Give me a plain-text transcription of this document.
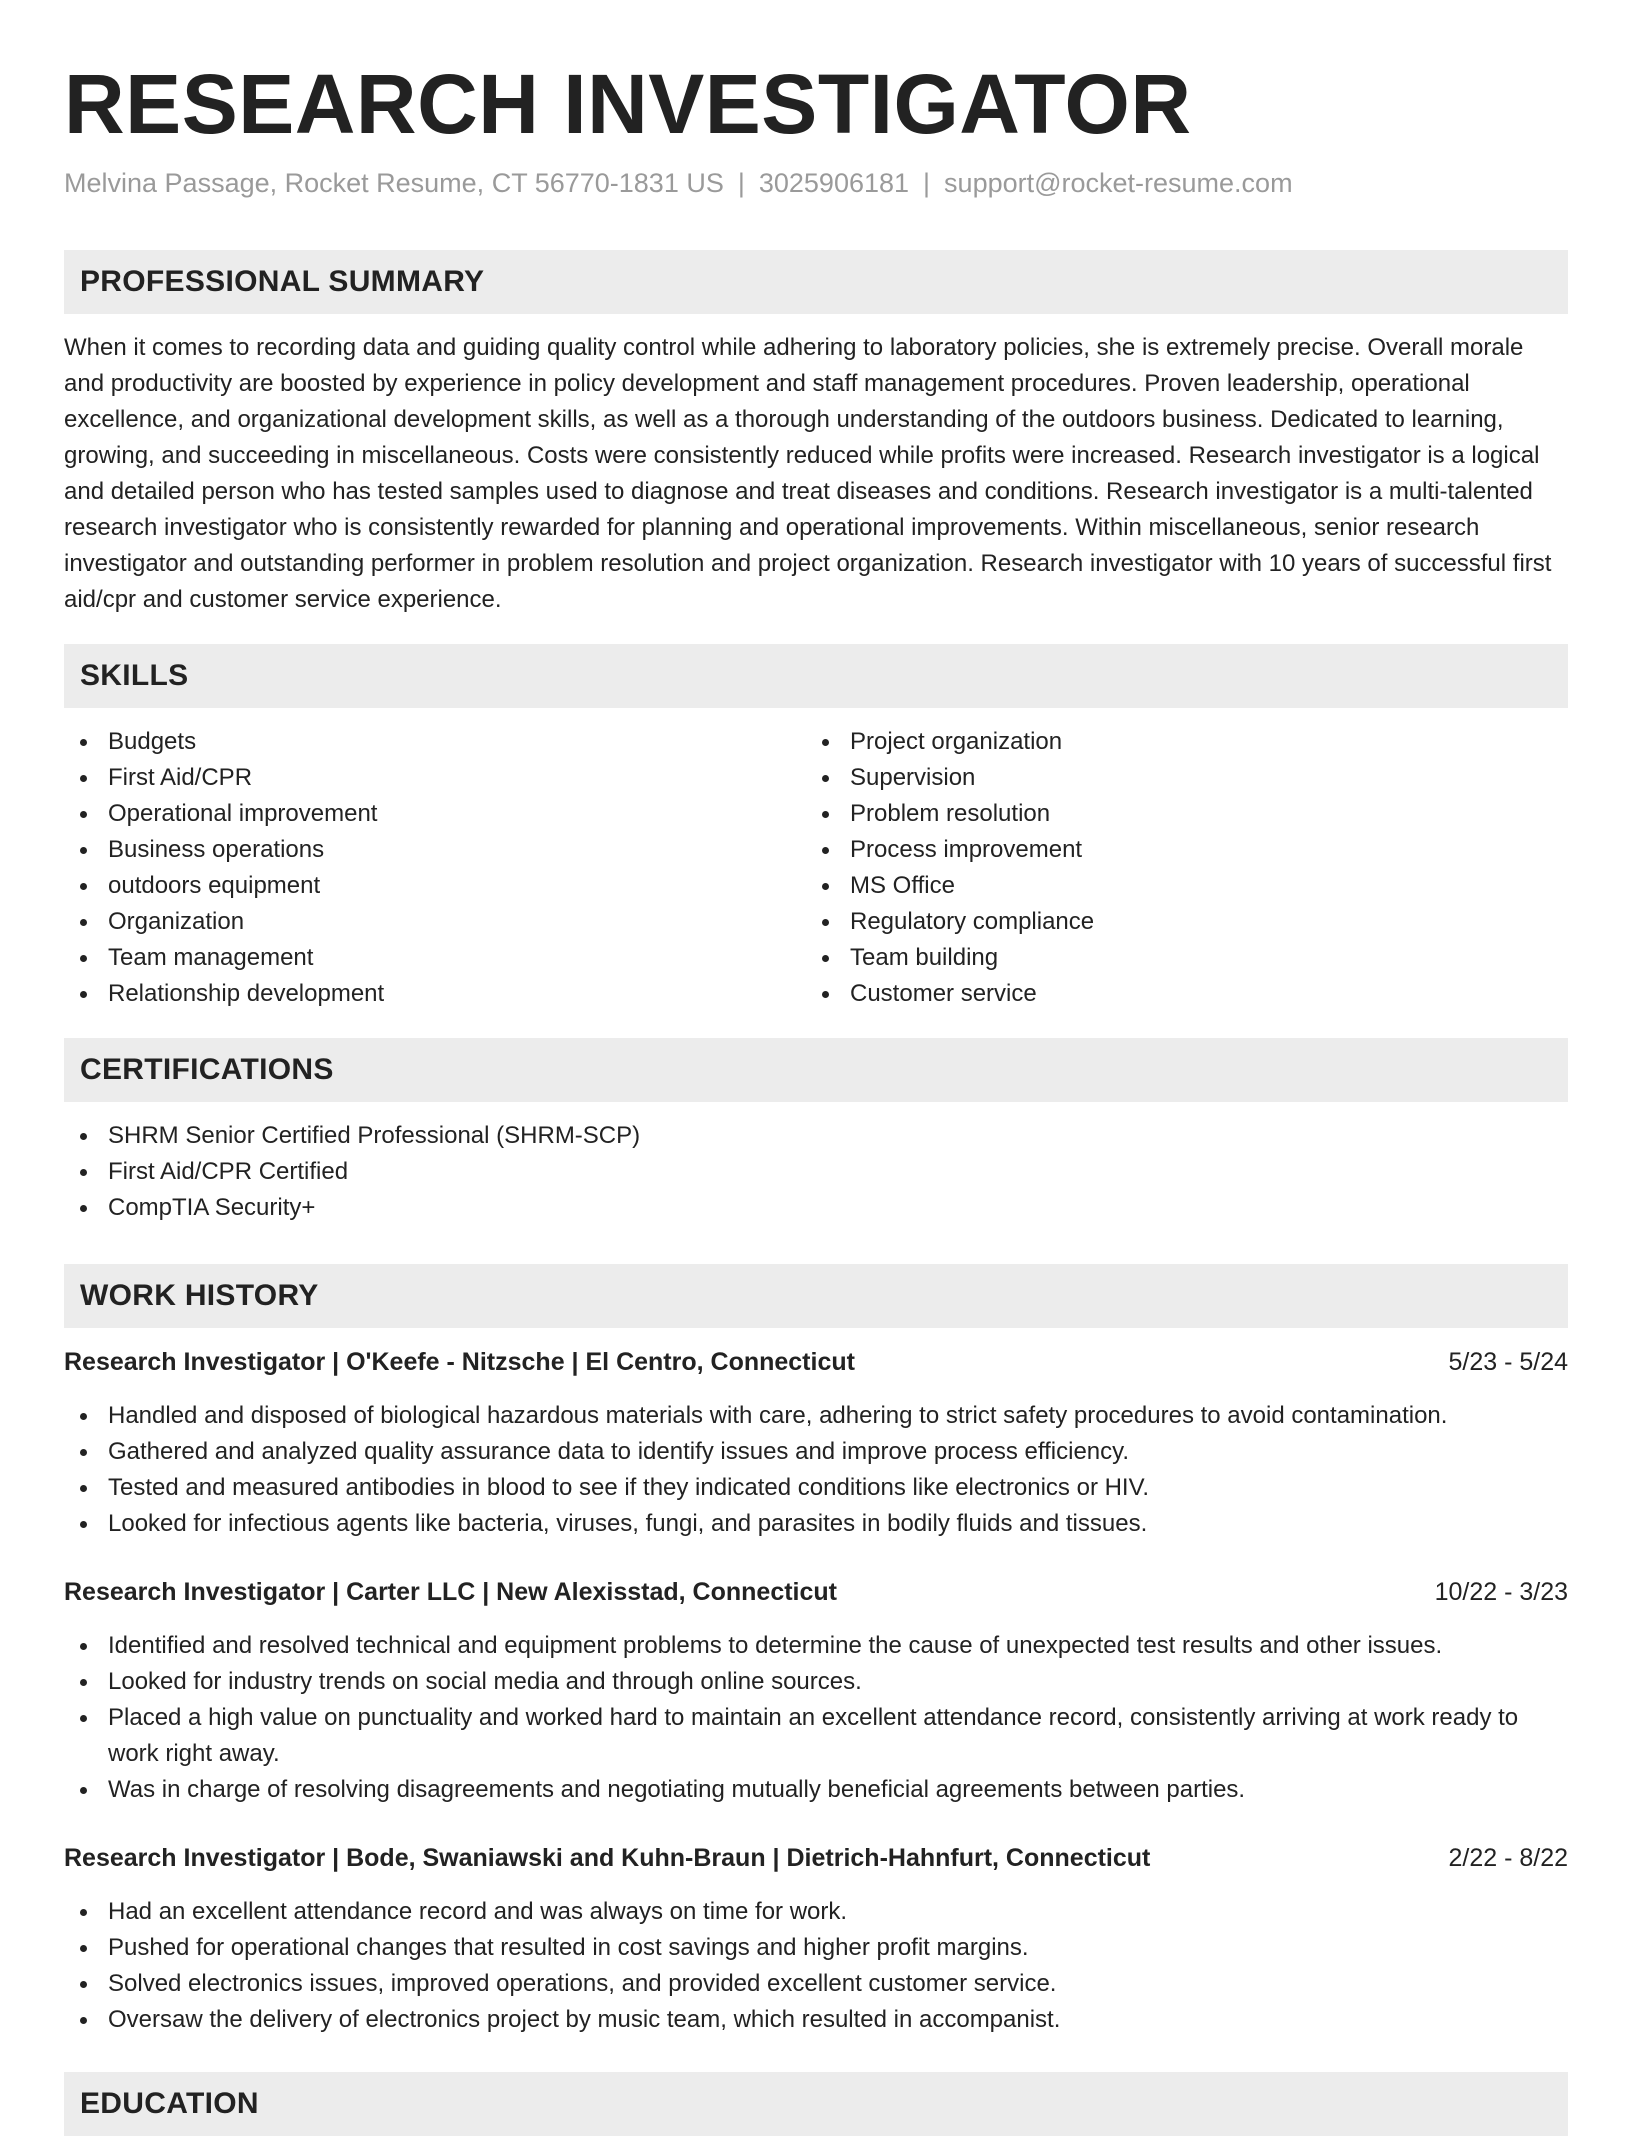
RESEARCH INVESTIGATOR
Melvina Passage, Rocket Resume, CT 56770-1831 US | 3025906181 | support@rocket-resume.com
PROFESSIONAL SUMMARY

When it comes to recording data and guiding quality control while adhering to laboratory policies, she is extremely precise. Overall morale and productivity are boosted by experience in policy development and staff management procedures. Proven leadership, operational excellence, and organizational development skills, as well as a thorough understanding of the outdoors business. Dedicated to learning, growing, and succeeding in miscellaneous. Costs were consistently reduced while profits were increased. Research investigator is a logical and detailed person who has tested samples used to diagnose and treat diseases and conditions. Research investigator is a multi-talented research investigator who is consistently rewarded for planning and operational improvements. Within miscellaneous, senior research investigator and outstanding performer in problem resolution and project organization. Research investigator with 10 years of successful first aid/cpr and customer service experience.

SKILLS
Budgets
First Aid/CPR
Operational improvement
Business operations
outdoors equipment
Organization
Team management
Relationship development
Project organization
Supervision
Problem resolution
Process improvement
MS Office
Regulatory compliance
Team building
Customer service
CERTIFICATIONS
SHRM Senior Certified Professional (SHRM-SCP)
First Aid/CPR Certified
CompTIA Security+
WORK HISTORY
Research Investigator | O'Keefe - Nitzsche | El Centro, Connecticut	5/23 - 5/24
Handled and disposed of biological hazardous materials with care, adhering to strict safety procedures to avoid contamination.
Gathered and analyzed quality assurance data to identify issues and improve process efficiency.
Tested and measured antibodies in blood to see if they indicated conditions like electronics or HIV.
Looked for infectious agents like bacteria, viruses, fungi, and parasites in bodily fluids and tissues.
Research Investigator | Carter LLC | New Alexisstad, Connecticut	10/22 - 3/23
Identified and resolved technical and equipment problems to determine the cause of unexpected test results and other issues.
Looked for industry trends on social media and through online sources.
Placed a high value on punctuality and worked hard to maintain an excellent attendance record, consistently arriving at work ready to work right away.
Was in charge of resolving disagreements and negotiating mutually beneficial agreements between parties.
Research Investigator | Bode, Swaniawski and Kuhn-Braun | Dietrich-Hahnfurt, Connecticut	2/22 - 8/22
Had an excellent attendance record and was always on time for work.
Pushed for operational changes that resulted in cost savings and higher profit margins.
Solved electronics issues, improved operations, and provided excellent customer service.
Oversaw the delivery of electronics project by music team, which resulted in accompanist.
EDUCATION
